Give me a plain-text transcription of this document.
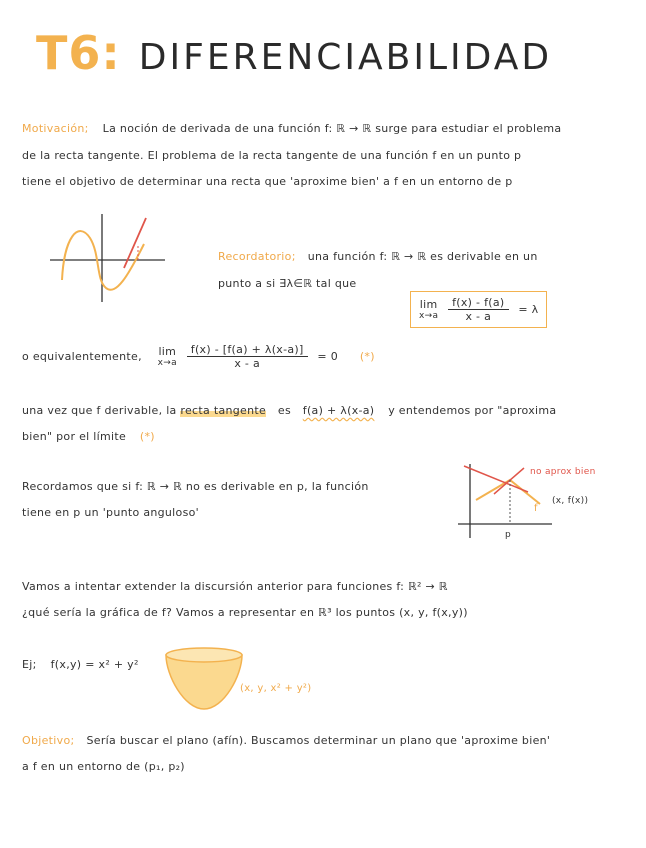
T6: DIFERENCIABILIDAD
Motivación; La noción de derivada de una función f: ℝ → ℝ surge para estudiar el problema
de la recta tangente. El problema de la recta tangente de una función f en un punto p
tiene el objetivo de determinar una recta que 'aproxime bien' a f en un entorno de p
Recordatorio; una función f: ℝ → ℝ es derivable en un
punto a si ∃λ∈ℝ tal que
lim
x→a
$\frac{f(x) - f(a)}{x - a} = \lambda$
o equivalentemente, lim
x→a
$\frac{f(x) - [f(a) + \lambda(x-a)]}{x - a} = 0$ (*)
una vez que f derivable, la recta tangente es f(a) + λ(x-a) y entendemos por "aproxima
bien" por el límite (*)
Recordamos que si f: ℝ → ℝ no es derivable en p, la función
tiene en p un 'punto anguloso'
no aprox bien
(x, f(x))
f
p
Vamos a intentar extender la discursión anterior para funciones f: ℝ² → ℝ
¿qué sería la gráfica de f? Vamos a representar en ℝ³ los puntos (x, y, f(x,y))
Ej; f(x,y) = x² + y²
(x, y, x² + y²)
Objetivo; Sería buscar el plano (afín). Buscamos determinar un plano que 'aproxime bien'
a f en un entorno de (p₁, p₂)
